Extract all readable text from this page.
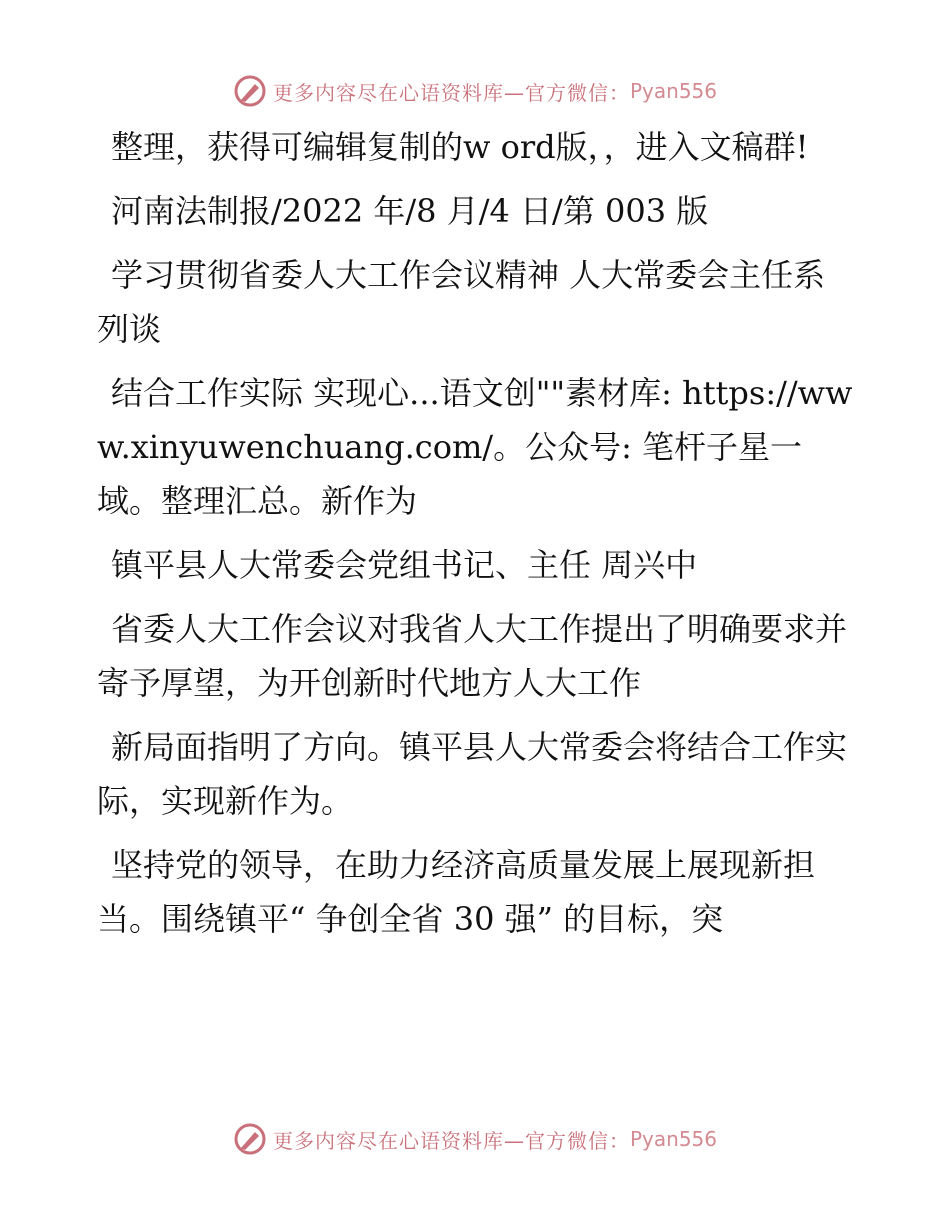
更多内容尽在心语资料库—官方微信： Pyan556

整理，获得可编辑复制的w ord版，，进入文稿群!

河南法制报/2022 年/8 月/4 日/第 003 版

学习贯彻省委人大工作会议精神 人大常委会主任系列谈

结合工作实际 实现心...语文创""素材库: https://www.xinyuwenchuang.com/。公众号: 笔杆子星一域。整理汇总。新作为

镇平县人大常委会党组书记、主任 周兴中

省委人大工作会议对我省人大工作提出了明确要求并寄予厚望，为开创新时代地方人大工作

新局面指明了方向。镇平县人大常委会将结合工作实际，实现新作为。

坚持党的领导，在助力经济高质量发展上展现新担当。围绕镇平“ 争创全省 30 强” 的目标，突

更多内容尽在心语资料库—官方微信： Pyan556
